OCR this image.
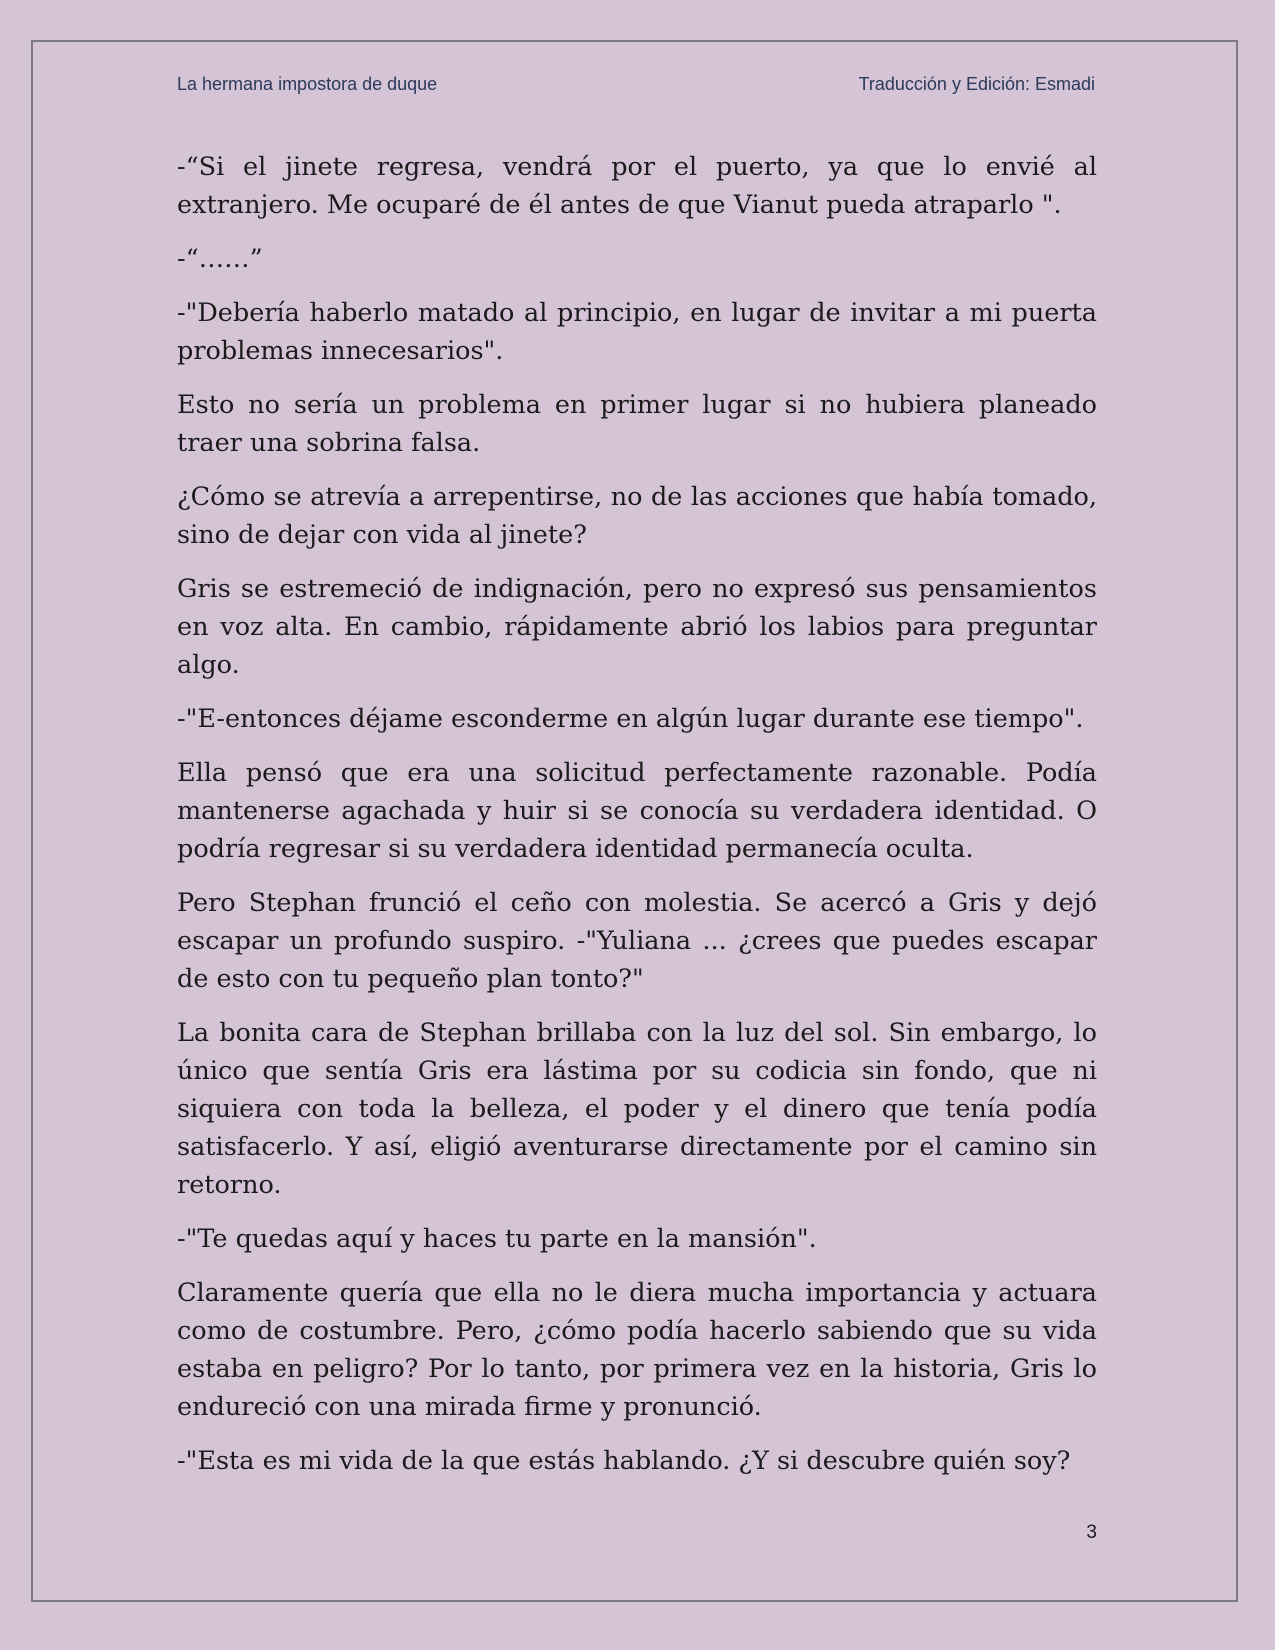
La hermana impostora de duque	Traducción y Edición: Esmadi

-“Si el jinete regresa, vendrá por el puerto, ya que lo envié al extranjero. Me ocuparé de él antes de que Vianut pueda atraparlo ".

-“……”

-"Debería haberlo matado al principio, en lugar de invitar a mi puerta problemas innecesarios".

Esto no sería un problema en primer lugar si no hubiera planeado traer una sobrina falsa.

¿Cómo se atrevía a arrepentirse, no de las acciones que había tomado, sino de dejar con vida al jinete?

Gris se estremeció de indignación, pero no expresó sus pensamientos en voz alta. En cambio, rápidamente abrió los labios para preguntar algo.

-"E-entonces déjame esconderme en algún lugar durante ese tiempo".

Ella pensó que era una solicitud perfectamente razonable. Podía mantenerse agachada y huir si se conocía su verdadera identidad. O podría regresar si su verdadera identidad permanecía oculta.

Pero Stephan frunció el ceño con molestia. Se acercó a Gris y dejó escapar un profundo suspiro. -"Yuliana ... ¿crees que puedes escapar de esto con tu pequeño plan tonto?"

La bonita cara de Stephan brillaba con la luz del sol. Sin embargo, lo único que sentía Gris era lástima por su codicia sin fondo, que ni siquiera con toda la belleza, el poder y el dinero que tenía podía satisfacerlo. Y así, eligió aventurarse directamente por el camino sin retorno.

-"Te quedas aquí y haces tu parte en la mansión".

Claramente quería que ella no le diera mucha importancia y actuara como de costumbre. Pero, ¿cómo podía hacerlo sabiendo que su vida estaba en peligro? Por lo tanto, por primera vez en la historia, Gris lo endureció con una mirada firme y pronunció.

-"Esta es mi vida de la que estás hablando. ¿Y si descubre quién soy?

3
